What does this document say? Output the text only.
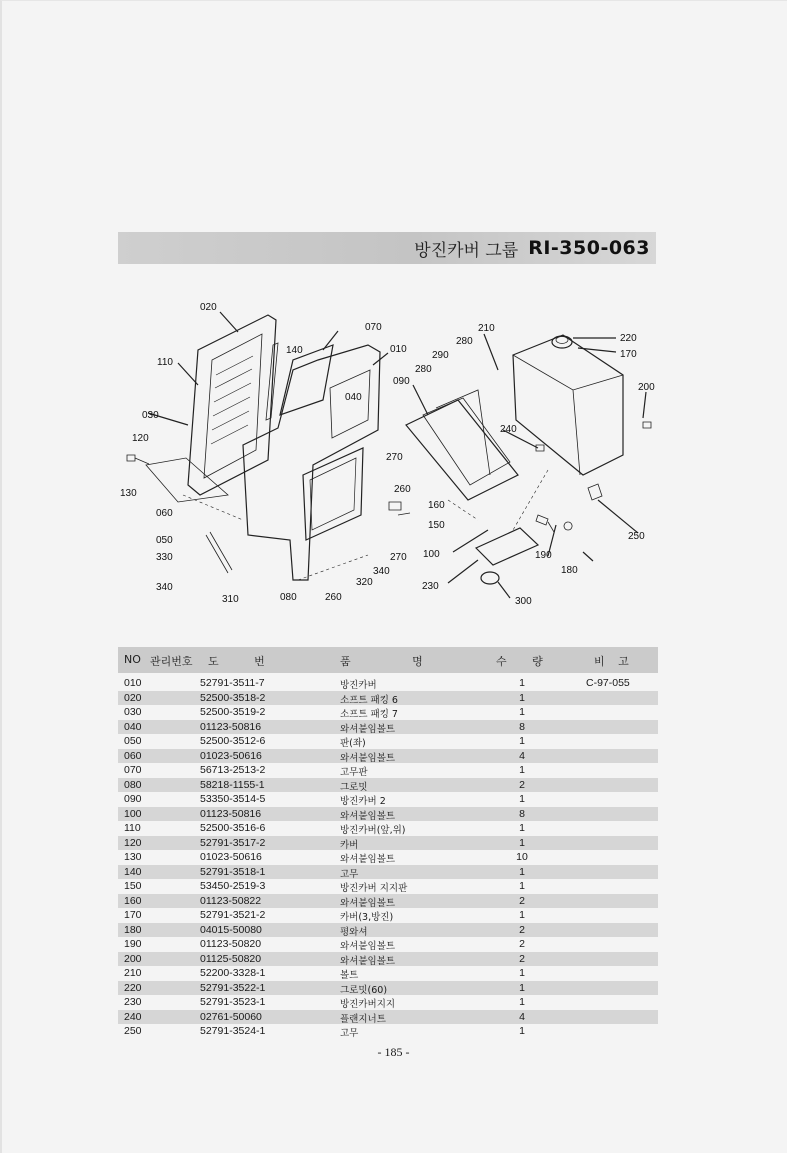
방진카버 그룹 RI-350-063
020
070
140	010
110
040
210
280	220
170
290
280
090
200
030
120
240
270
130	260
160
060
150
050
270 100	190
330
340
320
340
250
230
180
310	080	260	300
NO 관리번호 도 번	품 명	수 량	비 고
010	52791-3511-7	방진카버	1	C-97-055
020	52500-3518-2	소프트 패킹 6	1
030	52500-3519-2	소프트 패킹 7	1
040	01123-50816	와셔붙임볼트	8
050	52500-3512-6	판(좌)	1
060	01023-50616	와셔붙임볼트	4
070	56713-2513-2	고무판	1
080	58218-1155-1	그로밋	2
090	53350-3514-5	방진카버 2	1
100	01123-50816	와셔붙임볼트	8
110	52500-3516-6	방진카버(앞,위)	1
120	52791-3517-2	카버	1
130	01023-50616	와셔붙임볼트	10
140	52791-3518-1	고무	1
150	53450-2519-3	방진카버 지지판	1
160	01123-50822	와셔붙임볼트	2
170	52791-3521-2	카버(3,방진)	1
180	04015-50080	평와셔	2
190	01123-50820	와셔붙임볼트	2
200	01125-50820	와셔붙임볼트	2
210	52200-3328-1	볼트	1
220	52791-3522-1	그로밋(60)	1
230	52791-3523-1	방진카버지지	1
240	02761-50060	플랜지너트	4
250	52791-3524-1	고무	1
- 185 -
